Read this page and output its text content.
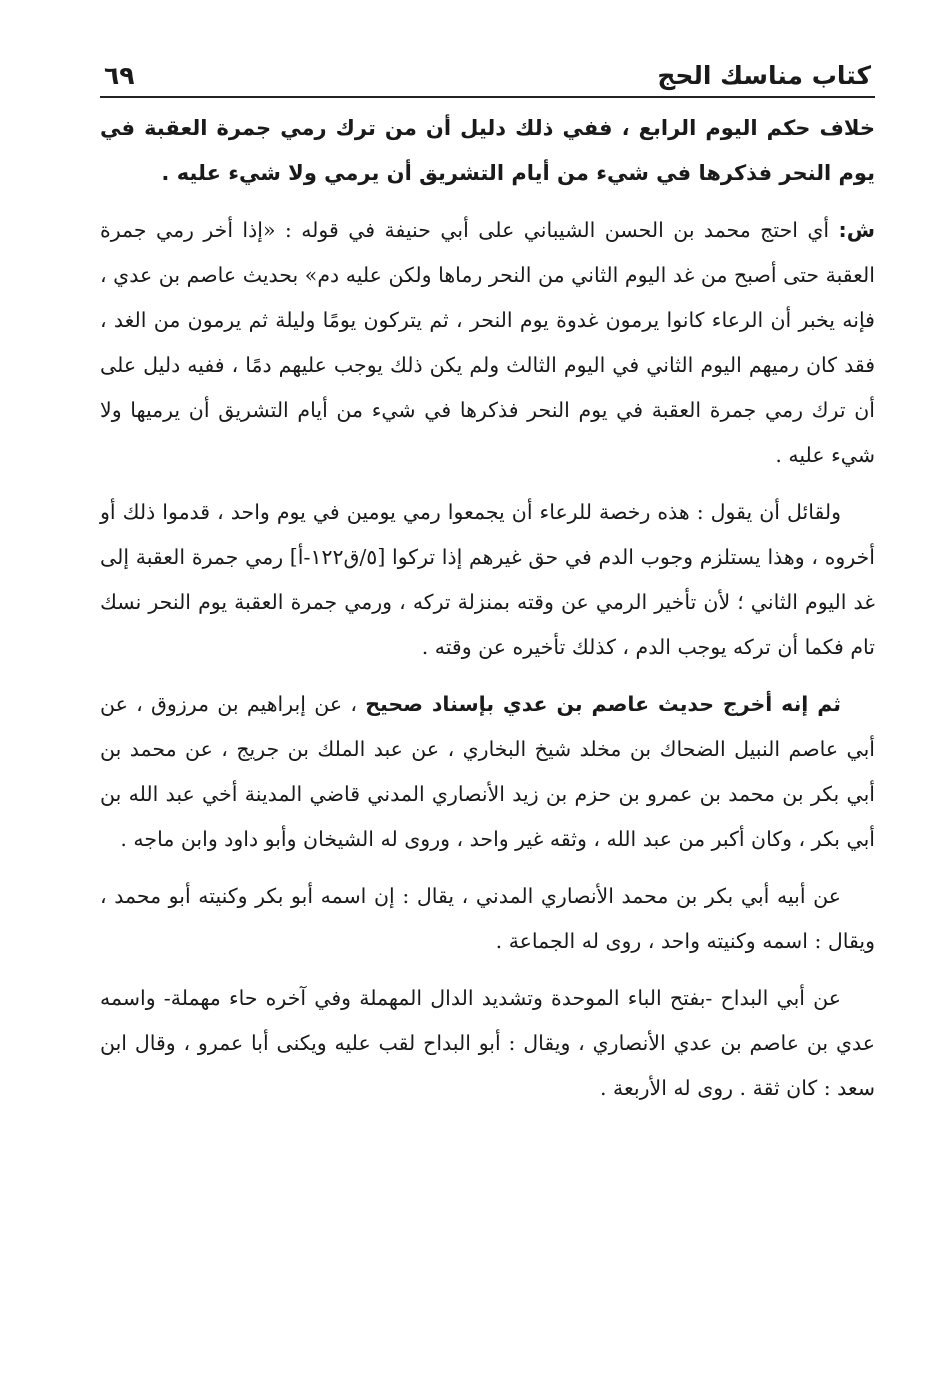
كتاب مناسك الحج
٦٩

خلاف حكم اليوم الرابع ، ففي ذلك دليل أن من ترك رمي جمرة العقبة في يوم النحر فذكرها في شيء من أيام التشريق أن يرمي ولا شيء عليه .

ش: أي احتج محمد بن الحسن الشيباني على أبي حنيفة في قوله : «إذا أخر رمي جمرة العقبة حتى أصبح من غد اليوم الثاني من النحر رماها ولكن عليه دم» بحديث عاصم بن عدي ، فإنه يخبر أن الرعاء كانوا يرمون غدوة يوم النحر ، ثم يتركون يومًا وليلة ثم يرمون من الغد ، فقد كان رميهم اليوم الثاني في اليوم الثالث ولم يكن ذلك يوجب عليهم دمًا ، ففيه دليل على أن ترك رمي جمرة العقبة في يوم النحر فذكرها في شيء من أيام التشريق أن يرميها ولا شيء عليه .

ولقائل أن يقول : هذه رخصة للرعاء أن يجمعوا رمي يومين في يوم واحد ، قدموا ذلك أو أخروه ، وهذا يستلزم وجوب الدم في حق غيرهم إذا تركوا [٥/ق١٢٢-أ] رمي جمرة العقبة إلى غد اليوم الثاني ؛ لأن تأخير الرمي عن وقته بمنزلة تركه ، ورمي جمرة العقبة يوم النحر نسك تام فكما أن تركه يوجب الدم ، كذلك تأخيره عن وقته .

ثم إنه أخرج حديث عاصم بن عدي بإسناد صحيح ، عن إبراهيم بن مرزوق ، عن أبي عاصم النبيل الضحاك بن مخلد شيخ البخاري ، عن عبد الملك بن جريج ، عن محمد بن أبي بكر بن محمد بن عمرو بن حزم بن زيد الأنصاري المدني قاضي المدينة أخي عبد الله بن أبي بكر ، وكان أكبر من عبد الله ، وثقه غير واحد ، وروى له الشيخان وأبو داود وابن ماجه .

عن أبيه أبي بكر بن محمد الأنصاري المدني ، يقال : إن اسمه أبو بكر وكنيته أبو محمد ، ويقال : اسمه وكنيته واحد ، روى له الجماعة .

عن أبي البداح -بفتح الباء الموحدة وتشديد الدال المهملة وفي آخره حاء مهملة- واسمه عدي بن عاصم بن عدي الأنصاري ، ويقال : أبو البداح لقب عليه ويكنى أبا عمرو ، وقال ابن سعد : كان ثقة . روى له الأربعة .
